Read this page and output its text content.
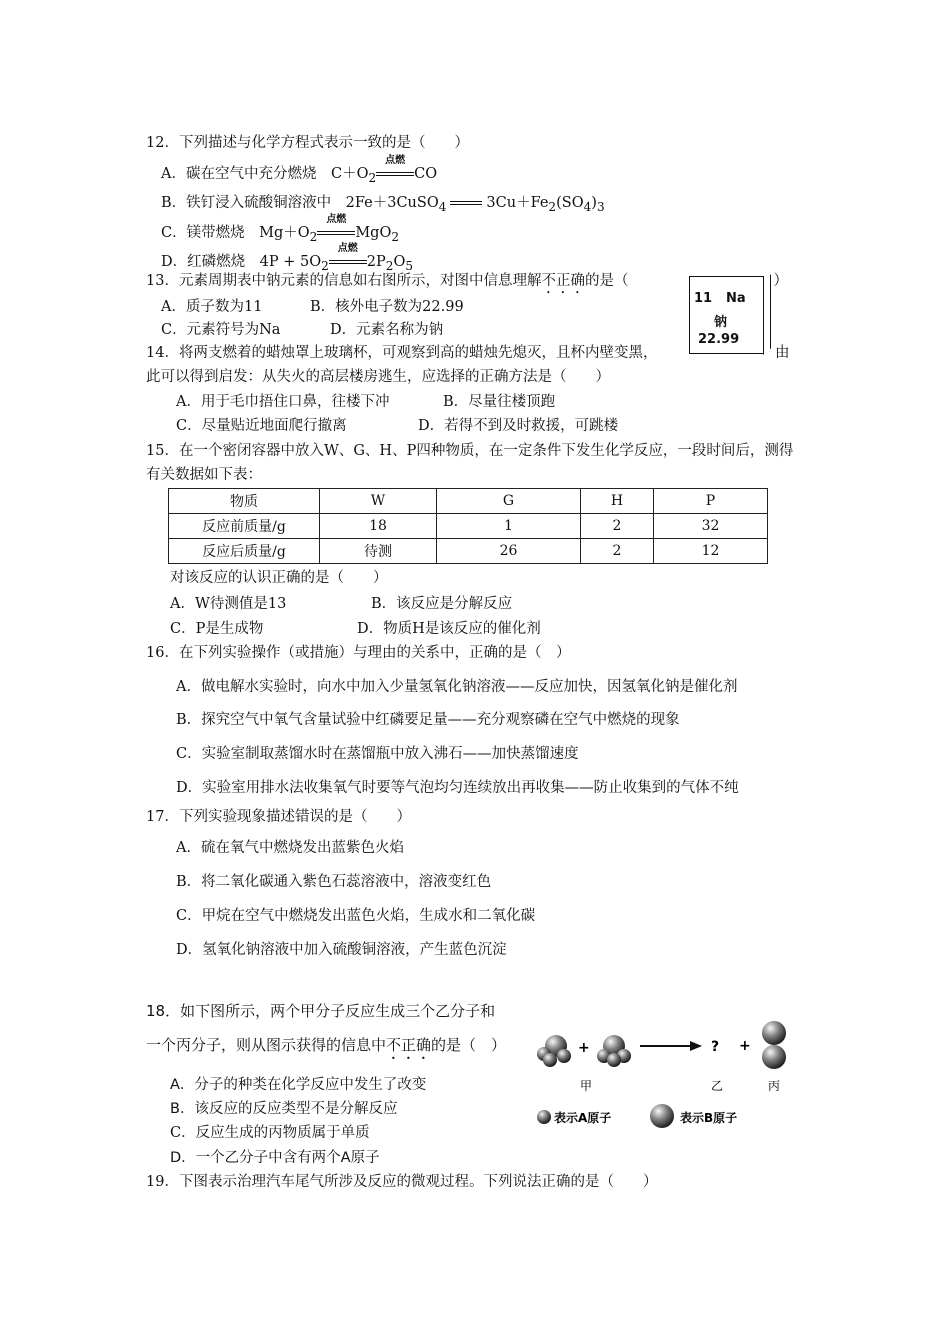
12．下列描述与化学方程式表示一致的是（　　）
A．碳在空气中充分燃烧　$C+O_2$
点燃
CO
B．铁钉浸入硫酸铜溶液中　2Fe＋3CuSO$_4$	$3Cu+Fe_2(SO_4)_3$
C．镁带燃烧　$Mg+O_2$
点燃
MgO$_2$
D．红磷燃烧　$4P + 5O_2$
点燃
$2P_2O_5$
13．元素周期表中钠元素的信息如右图所示，对图中信息理解不正确的是（　　　　　　　　　　）
A．质子数为11	B．核外电子数为22.99
C．元素符号为Na	D．元素名称为钠
11 Na
钠
22.99
14．将两支燃着的蜡烛罩上玻璃杯，可观察到高的蜡烛先熄灭，且杯内壁变黑，	由
此可以得到启发：从失火的高层楼房逃生，应选择的正确方法是（　　）
A．用于毛巾捂住口鼻，往楼下冲	B．尽量往楼顶跑
C．尽量贴近地面爬行撤离	D．若得不到及时救援，可跳楼
15．在一个密闭容器中放入W、G、H、P四种物质，在一定条件下发生化学反应，一段时间后，测得
有关数据如下表：
物质	W	G	H	P
反应前质量/g	18	1	2	32
反应后质量/g	待测	26	2	12
对该反应的认识正确的是（　　）
A．W待测值是13	B．该反应是分解反应
C．P是生成物	D．物质H是该反应的催化剂
16．在下列实验操作（或措施）与理由的关系中，正确的是（　）
A．做电解水实验时，向水中加入少量氢氧化钠溶液——反应加快，因氢氧化钠是催化剂
B．探究空气中氧气含量试验中红磷要足量——充分观察磷在空气中燃烧的现象
C．实验室制取蒸馏水时在蒸馏瓶中放入沸石——加快蒸馏速度
D．实验室用排水法收集氧气时要等气泡均匀连续放出再收集——防止收集到的气体不纯
17．下列实验现象描述错误的是（　　）
A．硫在氧气中燃烧发出蓝紫色火焰
B．将二氧化碳通入紫色石蕊溶液中，溶液变红色
C．甲烷在空气中燃烧发出蓝色火焰，生成水和二氧化碳
D．氢氧化钠溶液中加入硫酸铜溶液，产生蓝色沉淀
18．如下图所示，两个甲分子反应生成三个乙分子和
一个丙分子，则从图示获得的信息中不正确的是（　）
A．分子的种类在化学反应中发生了改变
B．该反应的反应类型不是分解反应
C．反应生成的丙物质属于单质
D．一个乙分子中含有两个A原子
+	? +
甲	乙	丙
表示A原子	表示B原子
19．下图表示治理汽车尾气所涉及反应的微观过程。下列说法正确的是（　　）
